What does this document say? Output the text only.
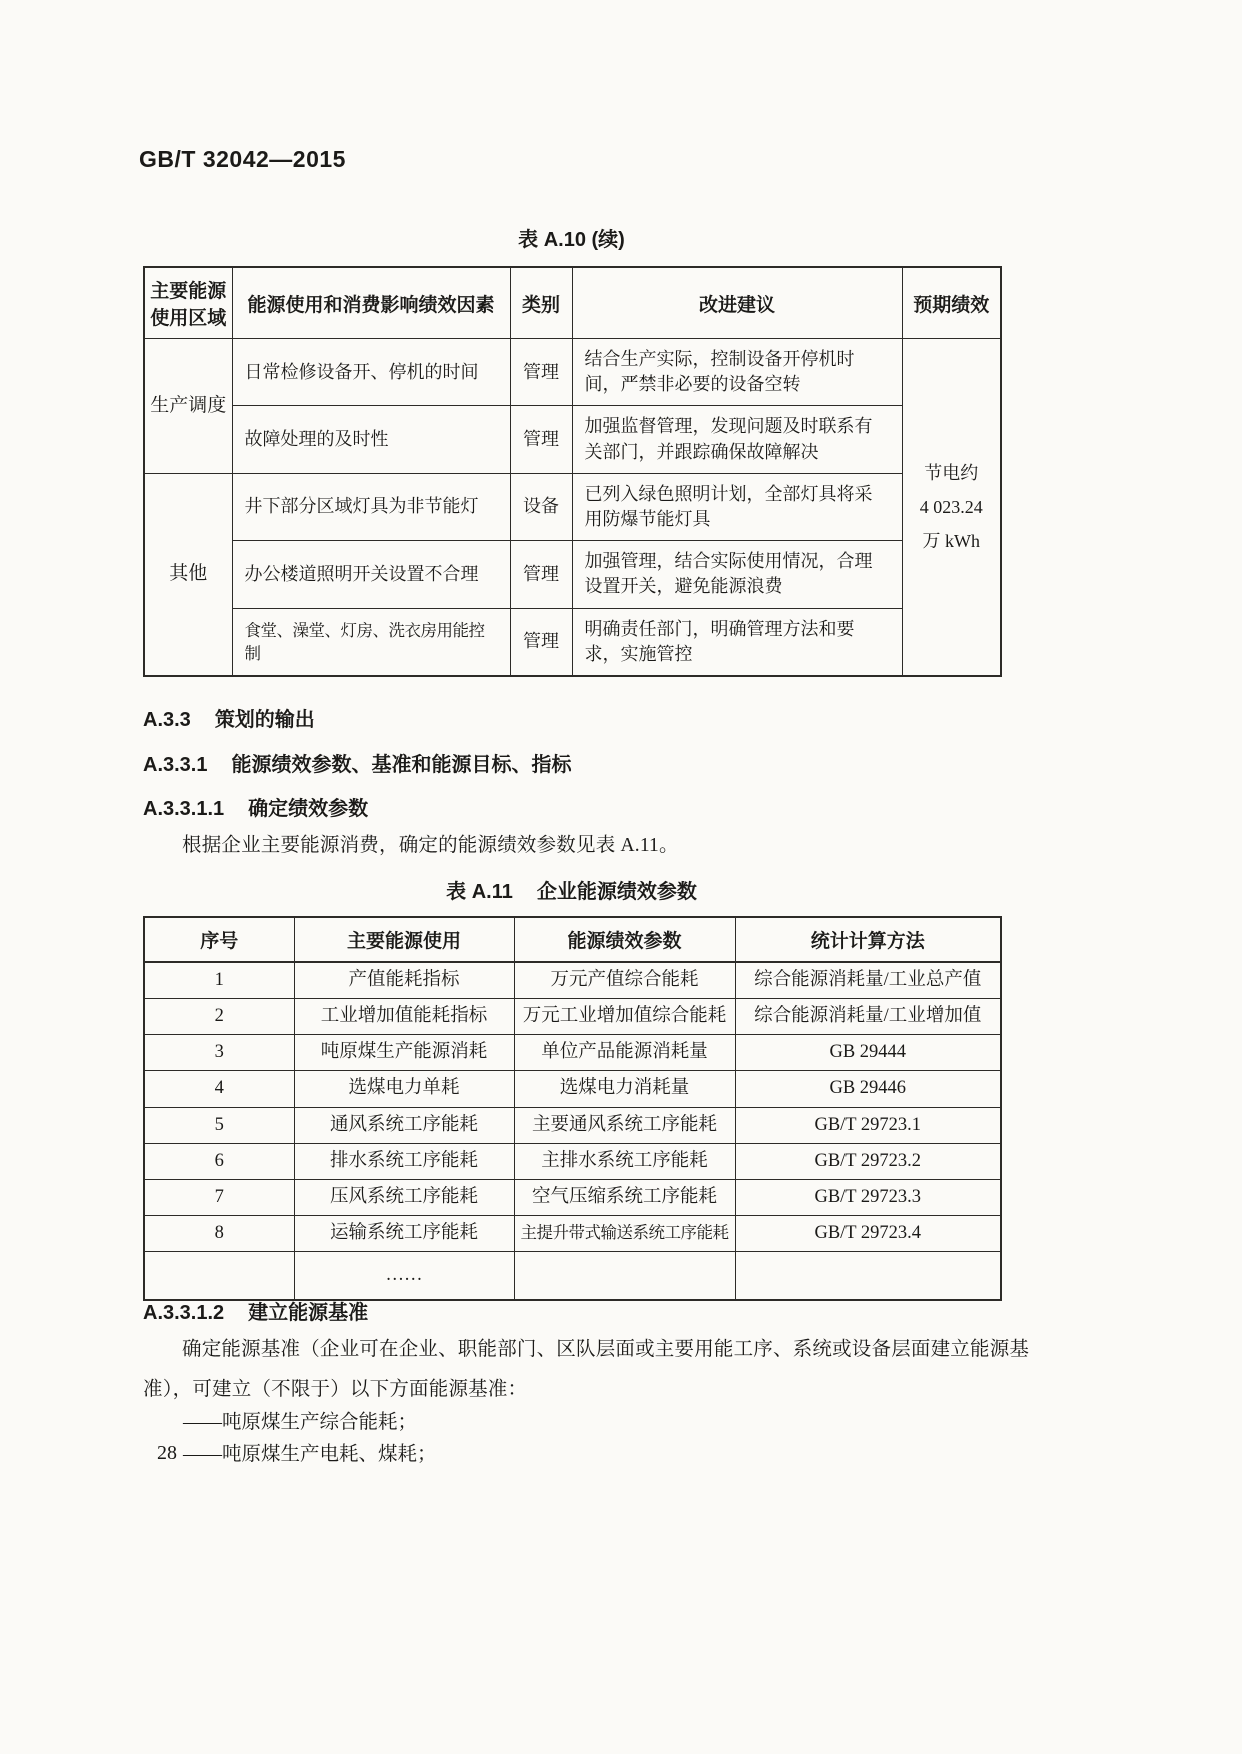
GB/T 32042—2015
表 A.10 (续)
主要能源
使用区域	能源使用和消费影响绩效因素	类别	改进建议	预期绩效
生产调度	日常检修设备开、停机的时间	管理	结合生产实际，控制设备开停机时间，严禁非必要的设备空转	节电约
4 023.24
万 kWh

	故障处理的及时性	管理	加强监督管理，发现问题及时联系有关部门，并跟踪确保故障解决	
其他	井下部分区域灯具为非节能灯	设备	已列入绿色照明计划，全部灯具将采用防爆节能灯具	
	办公楼道照明开关设置不合理	管理	加强管理，结合实际使用情况，合理设置开关，避免能源浪费	
	食堂、澡堂、灯房、洗衣房用能控制	管理	明确责任部门，明确管理方法和要求，实施管控	
A.3.3 策划的输出
A.3.3.1 能源绩效参数、基准和能源目标、指标
A.3.3.1.1 确定绩效参数

根据企业主要能源消费，确定的能源绩效参数见表 A.11。

表 A.11 企业能源绩效参数
序号	主要能源使用	能源绩效参数	统计计算方法
1	产值能耗指标	万元产值综合能耗	综合能源消耗量/工业总产值
2	工业增加值能耗指标	万元工业增加值综合能耗	综合能源消耗量/工业增加值
3	吨原煤生产能源消耗	单位产品能源消耗量	GB 29444
4	选煤电力单耗	选煤电力消耗量	GB 29446
5	通风系统工序能耗	主要通风系统工序能耗	GB/T 29723.1
6	排水系统工序能耗	主排水系统工序能耗	GB/T 29723.2
7	压风系统工序能耗	空气压缩系统工序能耗	GB/T 29723.3
8	运输系统工序能耗	主提升带式输送系统工序能耗	GB/T 29723.4
	……		
A.3.3.1.2 建立能源基准

确定能源基准（企业可在企业、职能部门、区队层面或主要用能工序、系统或设备层面建立能源基准），可建立（不限于）以下方面能源基准：

——吨原煤生产综合能耗；
——吨原煤生产电耗、煤耗；
28
